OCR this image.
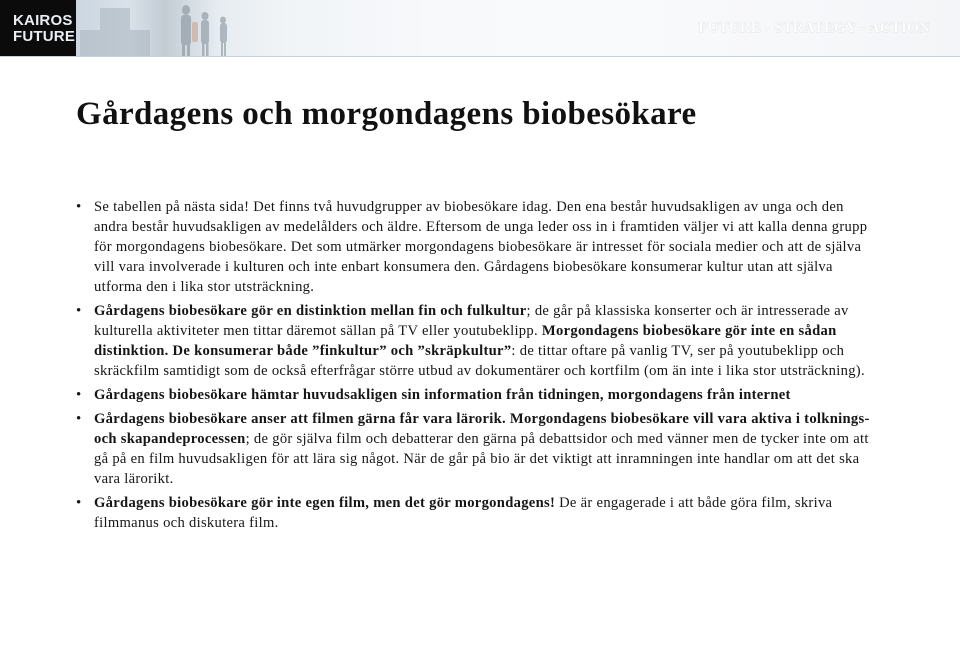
KAIROS
FUTURE	FUTURE - STRATEGY - ACTION
Gårdagens och morgondagens biobesökare
• Se tabellen på nästa sida! Det finns två huvudgrupper av biobesökare idag. Den ena består huvudsakligen av unga och den andra består huvudsakligen av medelålders och äldre. Eftersom de unga leder oss in i framtiden väljer vi att kalla denna grupp för morgondagens biobesökare. Det som utmärker morgondagens biobesökare är intresset för sociala medier och att de själva vill vara involverade i kulturen och inte enbart konsumera den. Gårdagens biobesökare konsumerar kultur utan att själva utforma den i lika stor utsträckning.
• Gårdagens biobesökare gör en distinktion mellan fin och fulkultur; de går på klassiska konserter och är intresserade av kulturella aktiviteter men tittar däremot sällan på TV eller youtubeklipp. Morgondagens biobesökare gör inte en sådan distinktion. De konsumerar både ”finkultur” och ”skräpkultur”: de tittar oftare på vanlig TV, ser på youtubeklipp och skräckfilm samtidigt som de också efterfrågar större utbud av dokumentärer och kortfilm (om än inte i lika stor utsträckning).
• Gårdagens biobesökare hämtar huvudsakligen sin information från tidningen, morgondagens från internet
• Gårdagens biobesökare anser att filmen gärna får vara lärorik. Morgondagens biobesökare vill vara aktiva i tolknings- och skapandeprocessen; de gör själva film och debatterar den gärna på debattsidor och med vänner men de tycker inte om att gå på en film huvudsakligen för att lära sig något. När de går på bio är det viktigt att inramningen inte handlar om att det ska vara lärorikt.
• Gårdagens biobesökare gör inte egen film, men det gör morgondagens! De är engagerade i att både göra film, skriva filmmanus och diskutera film.
